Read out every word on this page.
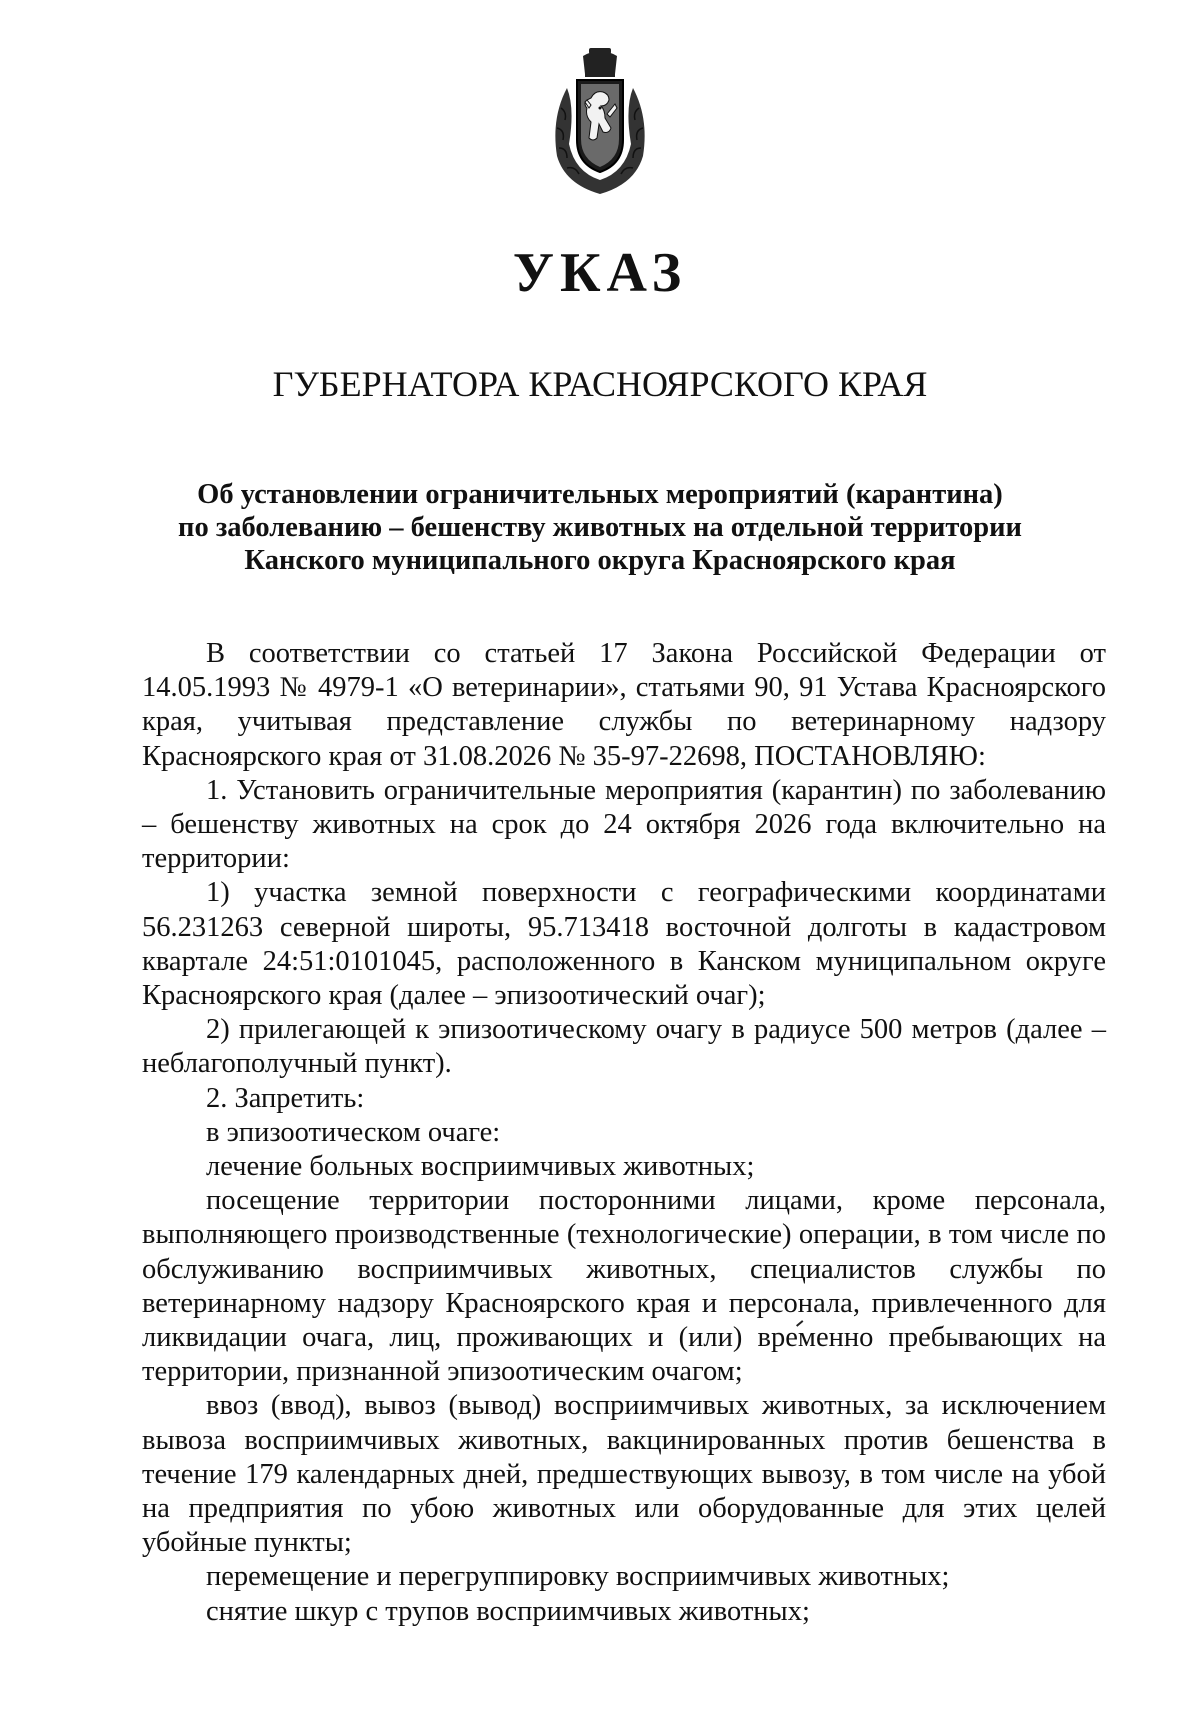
УКАЗ
ГУБЕРНАТОРА КРАСНОЯРСКОГО КРАЯ
Об установлении ограничительных мероприятий (карантина)
по заболеванию – бешенству животных на отдельной территории
Канского муниципального округа Красноярского края

В соответствии со статьей 17 Закона Российской Федерации от 14.05.1993 № 4979-1 «О ветеринарии», статьями 90, 91 Устава Красноярского края, учитывая представление службы по ветеринарному надзору Красноярского края от 31.08.2026 № 35-97-22698, ПОСТАНОВЛЯЮ:

1. Установить ограничительные мероприятия (карантин) по заболеванию – бешенству животных на срок до 24 октября 2026 года включительно на территории:

1) участка земной поверхности с географическими координатами 56.231263 северной широты, 95.713418 восточной долготы в кадастровом квартале 24:51:0101045, расположенного в Канском муниципальном округе Красноярского края (далее – эпизоотический очаг);

2) прилегающей к эпизоотическому очагу в радиусе 500 метров (далее – неблагополучный пункт).

2. Запретить:

в эпизоотическом очаге:

лечение больных восприимчивых животных;

посещение территории посторонними лицами, кроме персонала, выполняющего производственные (технологические) операции, в том числе по обслуживанию восприимчивых животных, специалистов службы по ветеринарному надзору Красноярского края и персонала, привлеченного для ликвидации очага, лиц, проживающих и (или) временно пребывающих на территории, признанной эпизоотическим очагом;

ввоз (ввод), вывоз (вывод) восприимчивых животных, за исключением вывоза восприимчивых животных, вакцинированных против бешенства в течение 179 календарных дней, предшествующих вывозу, в том числе на убой на предприятия по убою животных или оборудованные для этих целей убойные пункты;

перемещение и перегруппировку восприимчивых животных;

снятие шкур с трупов восприимчивых животных;
